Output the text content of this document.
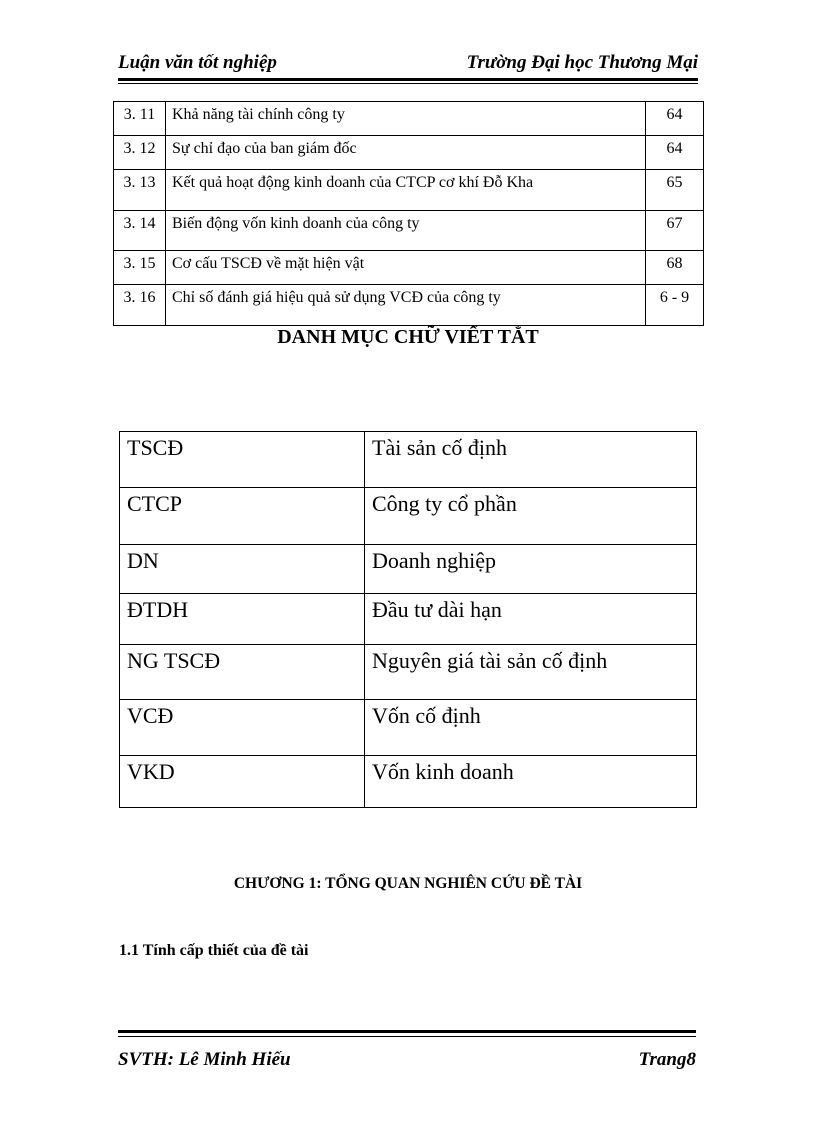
Luận văn tốt nghiệp	Trường Đại học Thương Mại
3. 11	Khả năng tài chính công ty	64
3. 12	Sự chỉ đạo của ban giám đốc	64
3. 13	Kết quả hoạt động kinh doanh của CTCP cơ khí Đỗ Kha	65
3. 14	Biến động vốn kinh doanh của công ty	67
3. 15	Cơ cấu TSCĐ về mặt hiện vật	68
3. 16	Chỉ số đánh giá hiệu quả sử dụng VCĐ của công ty	6 - 9
DANH MỤC CHỮ VIẾT TẮT
TSCĐ	Tài sản cố định
CTCP	Công ty cổ phần
DN	Doanh nghiệp
ĐTDH	Đầu tư dài hạn
NG TSCĐ	Nguyên giá tài sản cố định
VCĐ	Vốn cố định
VKD	Vốn kinh doanh
CHƯƠNG 1: TỔNG QUAN NGHIÊN CỨU ĐỀ TÀI
1.1 Tính cấp thiết của đề tài
SVTH: Lê Minh Hiếu	Trang8
